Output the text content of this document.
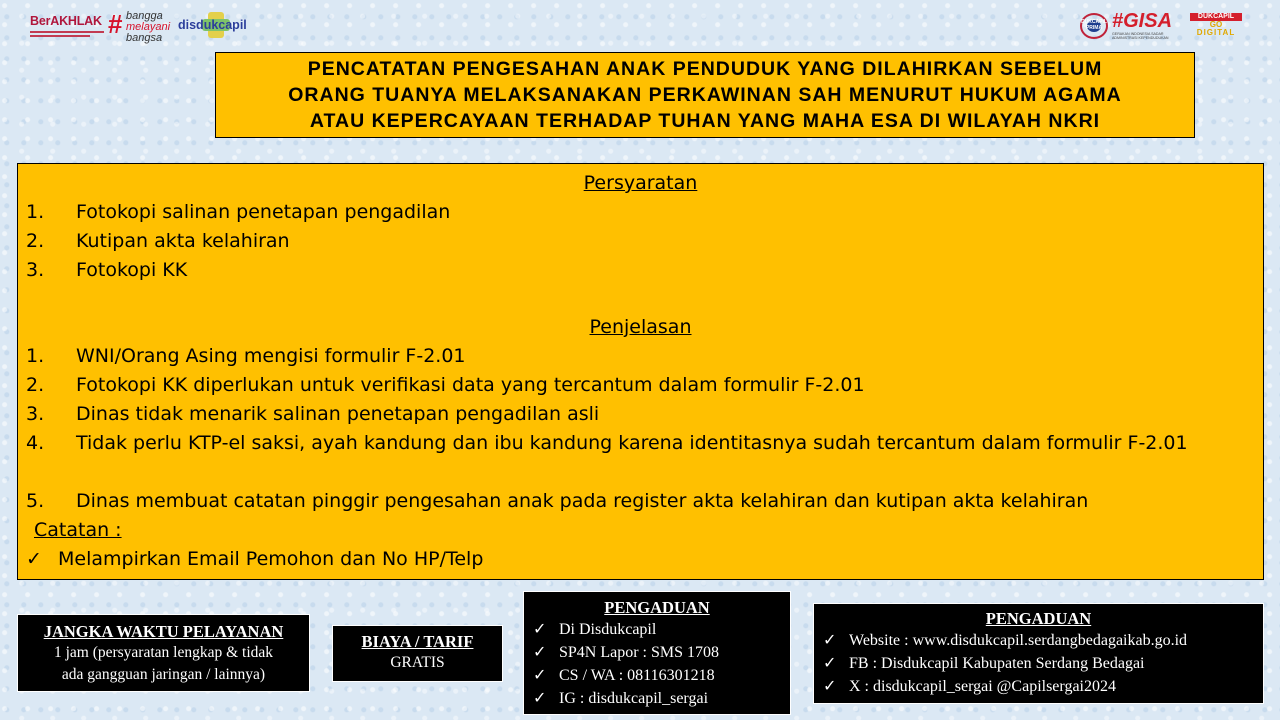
BerAKHLAK # bangga
melayani
bangsa
disdukcapil	DUKCAPIL PRIMA #GISA
GERAKAN INDONESIA SADAR ADMINISTRASI KEPENDUDUKAN
DUKCAPIL
GO
DIGITAL
PENCATATAN PENGESAHAN ANAK PENDUDUK YANG DILAHIRKAN SEBELUM
ORANG TUANYA MELAKSANAKAN PERKAWINAN SAH MENURUT HUKUM AGAMA
ATAU KEPERCAYAAN TERHADAP TUHAN YANG MAHA ESA DI WILAYAH NKRI
Persyaratan
1. Fotokopi salinan penetapan pengadilan
2. Kutipan akta kelahiran
3. Fotokopi KK
Penjelasan
1. WNI/Orang Asing mengisi formulir F-2.01
2. Fotokopi KK diperlukan untuk verifikasi data yang tercantum dalam formulir F-2.01
3. Dinas tidak menarik salinan penetapan pengadilan asli
4. Tidak perlu KTP-el saksi, ayah kandung dan ibu kandung karena identitasnya sudah tercantum dalam formulir F-2.01
5. Dinas membuat catatan pinggir pengesahan anak pada register akta kelahiran dan kutipan akta kelahiran
Catatan :
✓ Melampirkan Email Pemohon dan No HP/Telp
JANGKA WAKTU PELAYANAN
1 jam (persyaratan lengkap & tidak
ada gangguan jaringan / lainnya)
BIAYA / TARIF
GRATIS
PENGADUAN
✓ Di Disdukcapil
✓ SP4N Lapor : SMS 1708
✓ CS / WA : 08116301218
✓ IG : disdukcapil_sergai
PENGADUAN
✓ Website : www.disdukcapil.serdangbedagaikab.go.id
✓ FB : Disdukcapil Kabupaten Serdang Bedagai
✓ X : disdukcapil_sergai @Capilsergai2024
